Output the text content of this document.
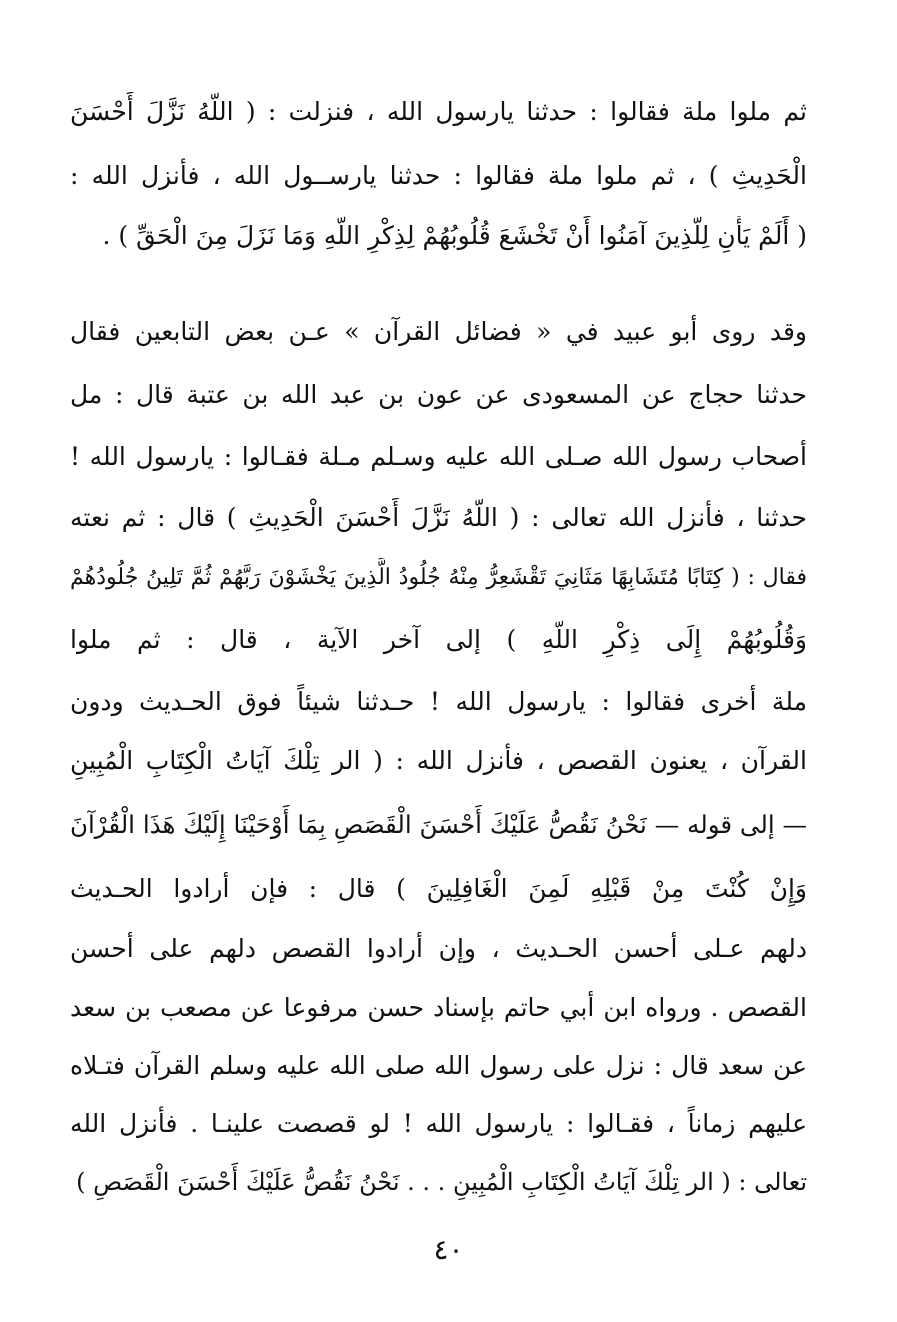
ثم ملوا ملة فقالوا : حدثنا يارسول الله ، فنزلت : ( اللَّهُ نَزَّلَ أَحْسَنَ
الْحَدِيثِ ) ، ثم ملوا ملة فقالوا : حدثنا يارســول الله ، فأنزل الله :
( أَلَمْ يَأْنِ لِلَّذِينَ آمَنُوا أَنْ تَخْشَعَ قُلُوبُهُمْ لِذِكْرِ اللَّهِ وَمَا نَزَلَ مِنَ الْحَقِّ ) .
وقد روى أبو عبيد في « فضائل القرآن » عـن بعض التابعين فقال
حدثنا حجاج عن المسعودى عن عون بن عبد الله بن عتبة قال : مل
أصحاب رسول الله صـلى الله عليه وسـلم مـلة فقـالوا : يارسول الله !
حدثنا ، فأنزل الله تعالى : ( اللَّهُ نَزَّلَ أَحْسَنَ الْحَدِيثِ ) قال : ثم نعته
فقال : ( كِتَابًا مُتَشَابِهًا مَثَانِيَ تَقْشَعِرُّ مِنْهُ جُلُودُ الَّذِينَ يَخْشَوْنَ رَبَّهُمْ ثُمَّ تَلِينُ جُلُودُهُمْ
وَقُلُوبُهُمْ إِلَى ذِكْرِ اللَّهِ ) إلى آخر الآية ، قال : ثم ملوا
ملة أخرى فقالوا : يارسول الله ! حـدثنا شيئاً فوق الحـديث ودون
القرآن ، يعنون القصص ، فأنزل الله : ( الر تِلْكَ آيَاتُ الْكِتَابِ الْمُبِينِ
— إلى قوله — نَحْنُ نَقُصُّ عَلَيْكَ أَحْسَنَ الْقَصَصِ بِمَا أَوْحَيْنَا إِلَيْكَ هَذَا الْقُرْآنَ
وَإِنْ كُنْتَ مِنْ قَبْلِهِ لَمِنَ الْغَافِلِينَ ) قال : فإن أرادوا الحـديث
دلهم عـلى أحسن الحـديث ، وإن أرادوا القصص دلهم على أحسن
القصص . ورواه ابن أبي حاتم بإسناد حسن مرفوعا عن مصعب بن سعد
عن سعد قال : نزل على رسول الله صلى الله عليه وسلم القرآن فتـلاه
عليهم زماناً ، فقـالوا : يارسول الله ! لو قصصت علينـا . فأنزل الله
تعالى : ( الر تِلْكَ آيَاتُ الْكِتَابِ الْمُبِينِ . . . نَحْنُ نَقُصُّ عَلَيْكَ أَحْسَنَ الْقَصَصِ )
٤٠
